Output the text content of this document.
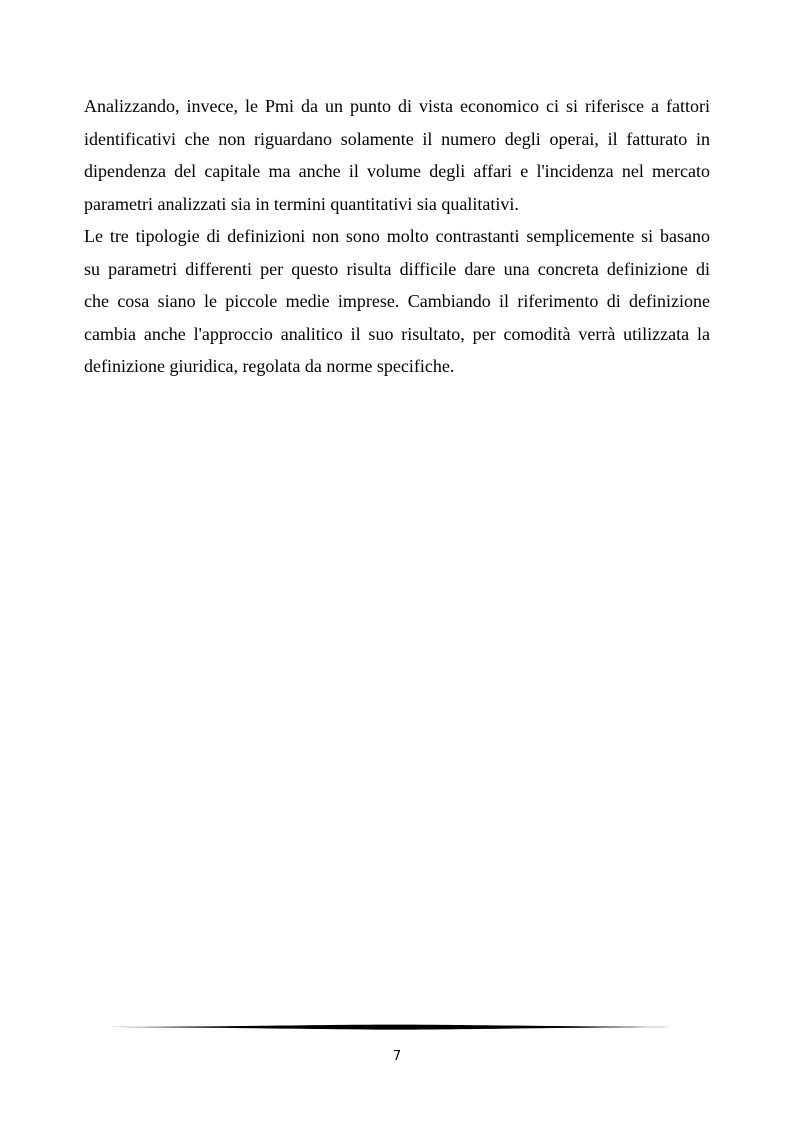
Analizzando, invece, le Pmi da un punto di vista economico ci si riferisce a fattori
identificativi che non riguardano solamente il numero degli operai, il fatturato in
dipendenza del capitale ma anche il volume degli affari e l'incidenza nel mercato
parametri analizzati sia in termini quantitativi sia qualitativi.

Le tre tipologie di definizioni non sono molto contrastanti semplicemente si basano
su parametri differenti per questo risulta difficile dare una concreta definizione di
che cosa siano le piccole medie imprese. Cambiando il riferimento di definizione
cambia anche l'approccio analitico il suo risultato, per comodità verrà utilizzata la
definizione giuridica, regolata da norme specifiche.

7
